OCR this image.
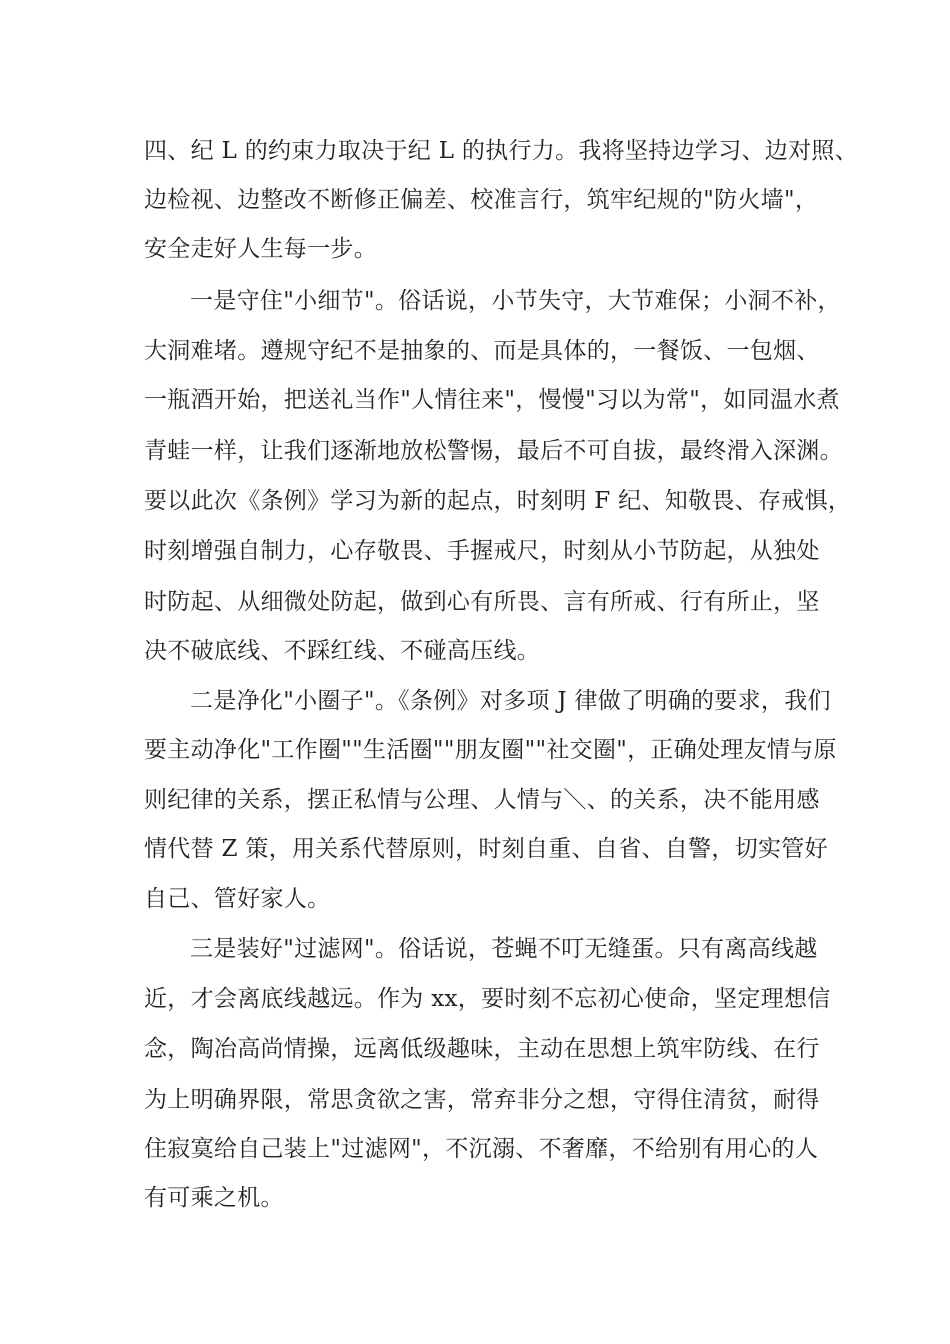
四、纪 L 的约束力取决于纪 L 的执行力。我将坚持边学习、边对照、
边检视、边整改不断修正偏差、校准言行，筑牢纪规的"防火墙"，
安全走好人生每一步。
一是守住"小细节"。俗话说，小节失守，大节难保；小洞不补，
大洞难堵。遵规守纪不是抽象的、而是具体的，一餐饭、一包烟、
一瓶酒开始，把送礼当作"人情往来"，慢慢"习以为常"，如同温水煮
青蛙一样，让我们逐渐地放松警惕，最后不可自拔，最终滑入深渊。
要以此次《条例》学习为新的起点，时刻明 F 纪、知敬畏、存戒惧，
时刻增强自制力，心存敬畏、手握戒尺，时刻从小节防起，从独处
时防起、从细微处防起，做到心有所畏、言有所戒、行有所止，坚
决不破底线、不踩红线、不碰高压线。
二是净化"小圈子"。《条例》对多项 J 律做了明确的要求，我们
要主动净化"工作圈""生活圈""朋友圈""社交圈"，正确处理友情与原
则纪律的关系，摆正私情与公理、人情与＼、的关系，决不能用感
情代替 Z 策，用关系代替原则，时刻自重、自省、自警，切实管好
自己、管好家人。
三是装好"过滤网"。俗话说，苍蝇不叮无缝蛋。只有离高线越
近，才会离底线越远。作为 xx，要时刻不忘初心使命，坚定理想信
念，陶冶高尚情操，远离低级趣味，主动在思想上筑牢防线、在行
为上明确界限，常思贪欲之害，常弃非分之想，守得住清贫，耐得
住寂寞给自己装上"过滤网"，不沉溺、不奢靡，不给别有用心的人
有可乘之机。
